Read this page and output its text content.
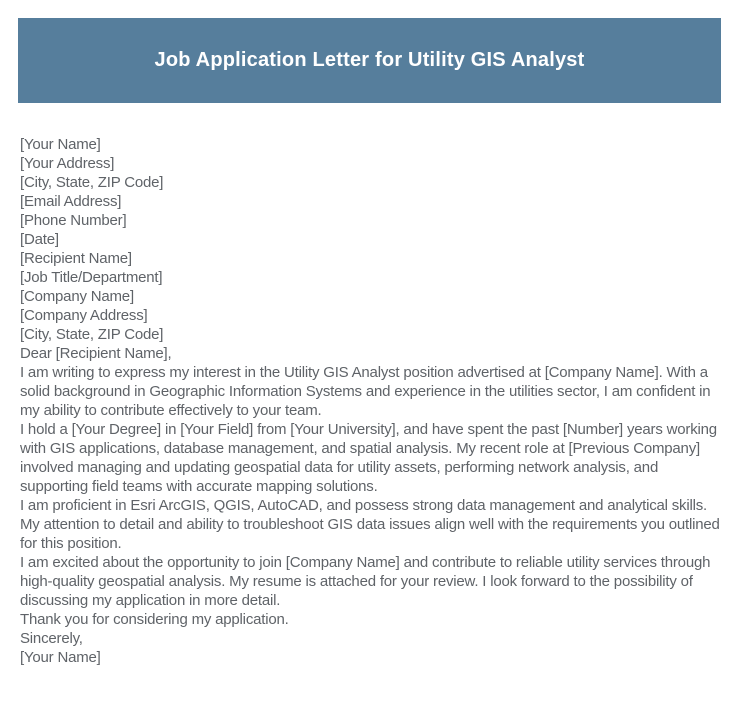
Job Application Letter for Utility GIS Analyst

[Your Name]

[Your Address]

[City, State, ZIP Code]

[Email Address]

[Phone Number]

[Date]

[Recipient Name]

[Job Title/Department]

[Company Name]

[Company Address]

[City, State, ZIP Code]

Dear [Recipient Name],

I am writing to express my interest in the Utility GIS Analyst position advertised at [Company Name]. With a solid background in Geographic Information Systems and experience in the utilities sector, I am confident in my ability to contribute effectively to your team.

I hold a [Your Degree] in [Your Field] from [Your University], and have spent the past [Number] years working with GIS applications, database management, and spatial analysis. My recent role at [Previous Company] involved managing and updating geospatial data for utility assets, performing network analysis, and supporting field teams with accurate mapping solutions.

I am proficient in Esri ArcGIS, QGIS, AutoCAD, and possess strong data management and analytical skills. My attention to detail and ability to troubleshoot GIS data issues align well with the requirements you outlined for this position.

I am excited about the opportunity to join [Company Name] and contribute to reliable utility services through high-quality geospatial analysis. My resume is attached for your review. I look forward to the possibility of discussing my application in more detail.

Thank you for considering my application.

Sincerely,

[Your Name]
